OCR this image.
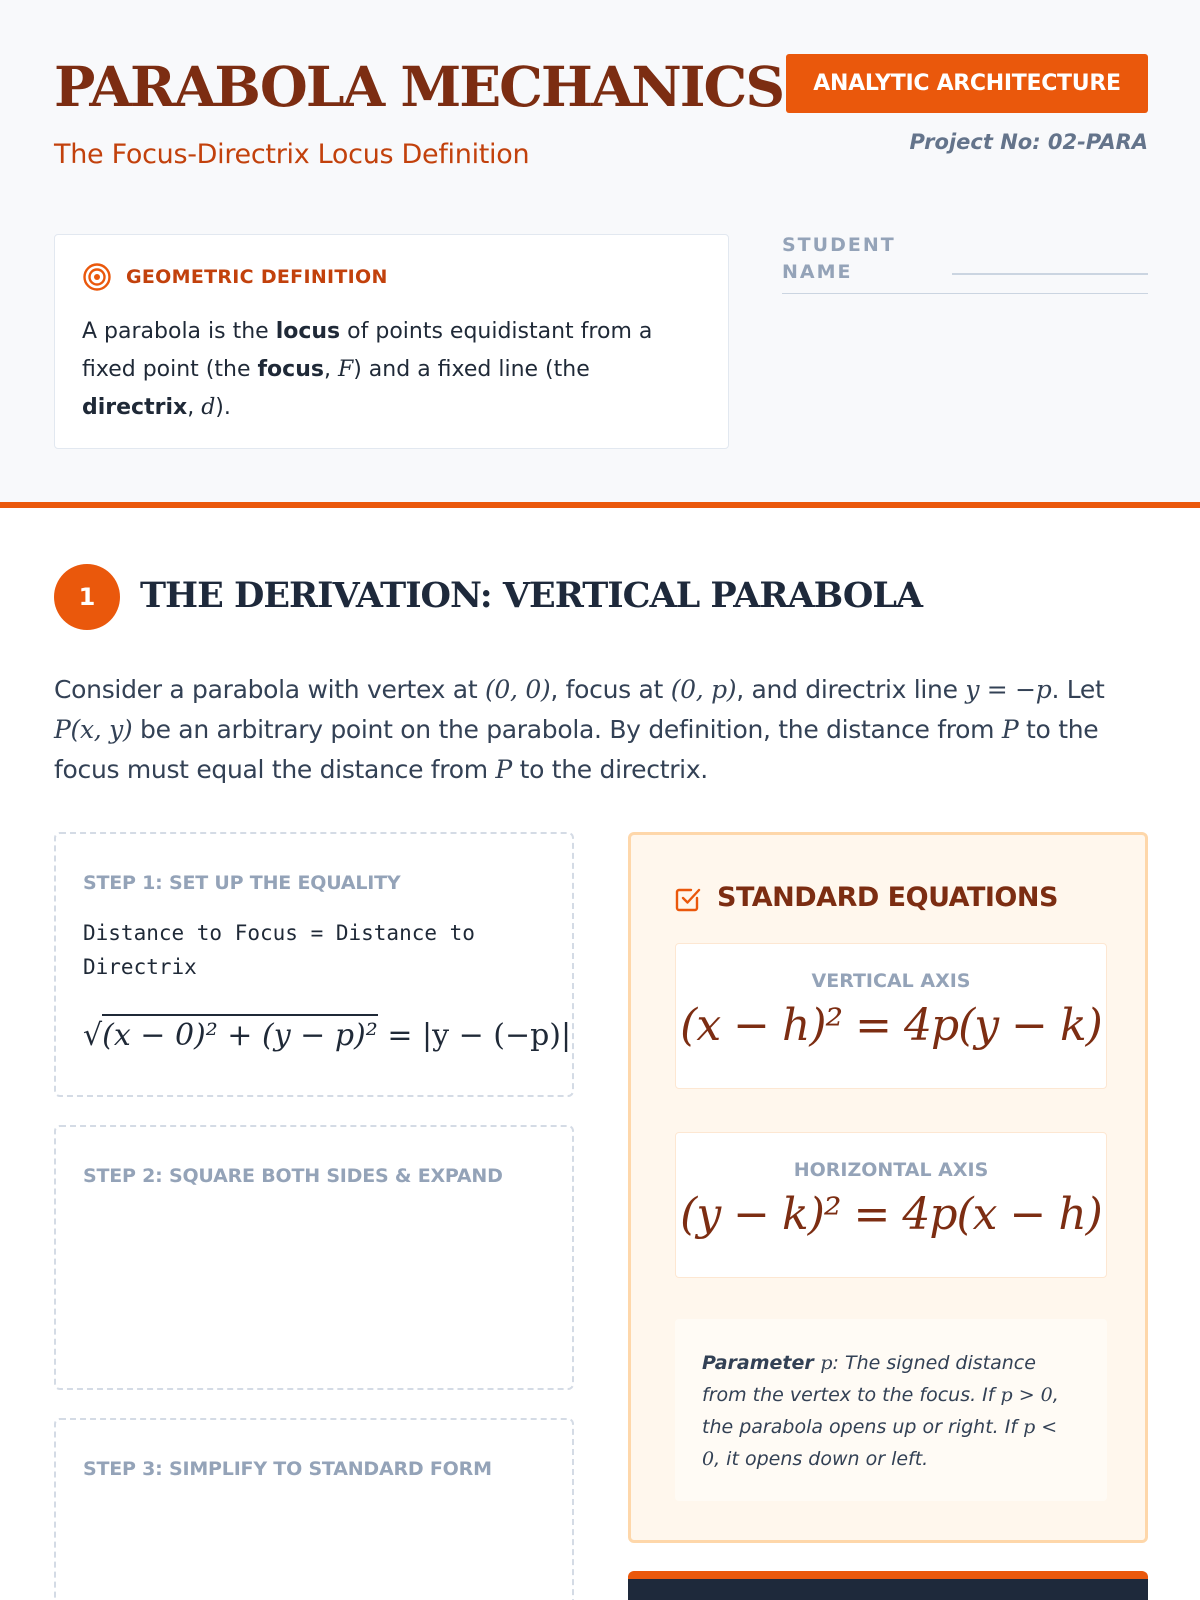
PARABOLA MECHANICS
The Focus-Directrix Locus Definition
ANALYTIC ARCHITECTURE
Project No: 02-PARA
GEOMETRIC DEFINITION
A parabola is the locus of points equidistant from a fixed point (the focus, F) and a fixed line (the directrix, d).
STUDENT NAME
1	THE DERIVATION: VERTICAL PARABOLA
Consider a parabola with vertex at (0, 0), focus at (0, p), and directrix line y = −p. Let P(x, y) be an arbitrary point on the parabola. By definition, the distance from P to the focus must equal the distance from P to the directrix.
STEP 1: SET UP THE EQUALITY
Distance to Focus = Distance to Directrix
√(x − 0)² + (y − p)² = |y − (−p)|
STEP 2: SQUARE BOTH SIDES & EXPAND
STEP 3: SIMPLIFY TO STANDARD FORM
STANDARD EQUATIONS
VERTICAL AXIS
(x − h)² = 4p(y − k)
HORIZONTAL AXIS
(y − k)² = 4p(x − h)
Parameter p: The signed distance from the vertex to the focus. If p > 0, the parabola opens up or right. If p < 0, it opens down or left.
